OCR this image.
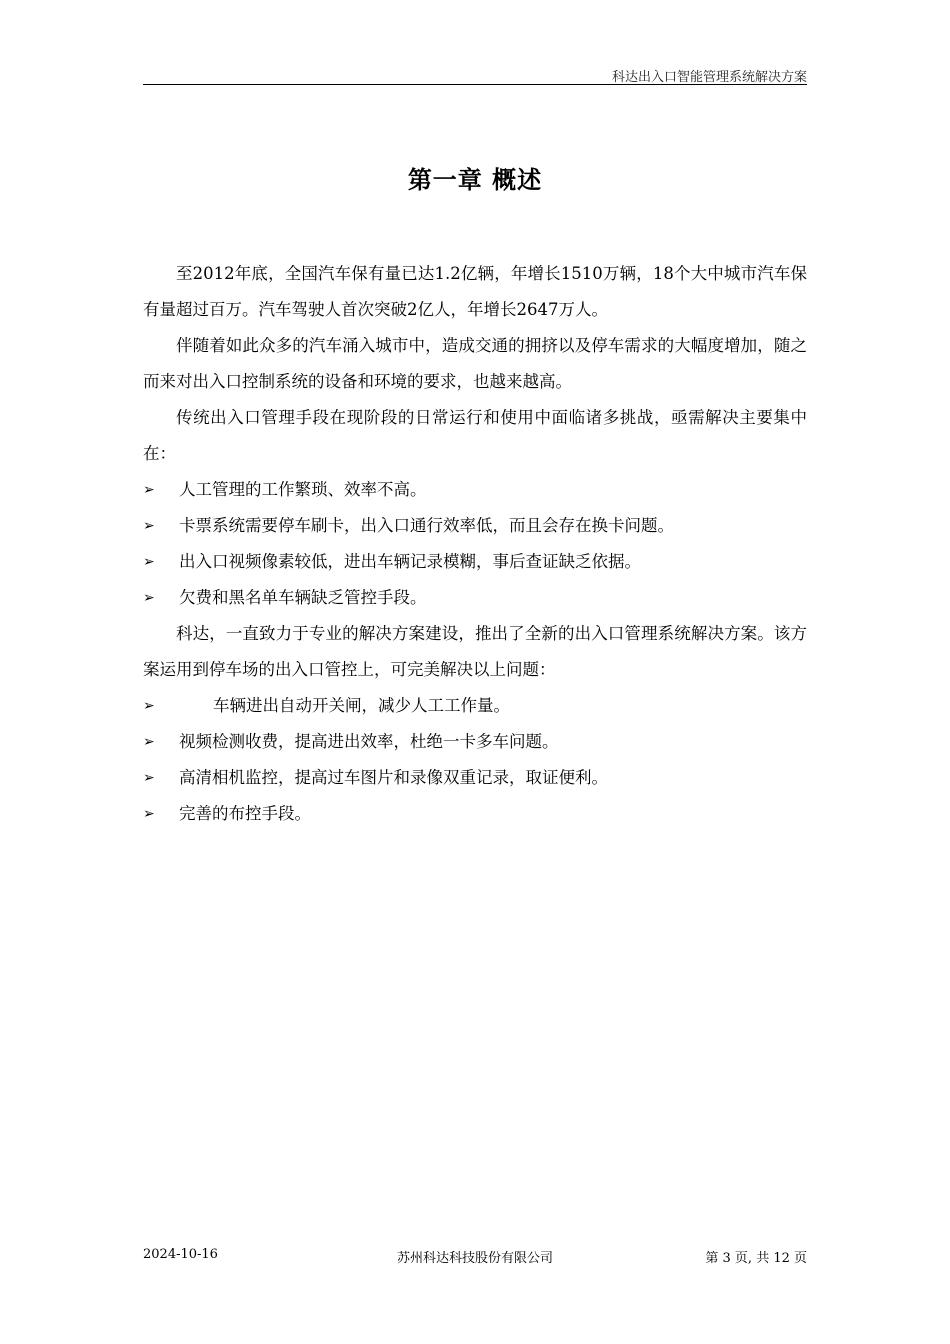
科达出入口智能管理系统解决方案
第一章 概述

至2012年底，全国汽车保有量已达1.2亿辆，年增长1510万辆，18个大中城市汽车保有量超过百万。汽车驾驶人首次突破2亿人，年增长2647万人。

伴随着如此众多的汽车涌入城市中，造成交通的拥挤以及停车需求的大幅度增加，随之而来对出入口控制系统的设备和环境的要求，也越来越高。

传统出入口管理手段在现阶段的日常运行和使用中面临诸多挑战，亟需解决主要集中在：

➢	人工管理的工作繁琐、效率不高。
➢	卡票系统需要停车刷卡，出入口通行效率低，而且会存在换卡问题。
➢	出入口视频像素较低，进出车辆记录模糊，事后查证缺乏依据。
➢	欠费和黑名单车辆缺乏管控手段。

科达，一直致力于专业的解决方案建设，推出了全新的出入口管理系统解决方案。该方案运用到停车场的出入口管控上，可完美解决以上问题：

➢	车辆进出自动开关闸，减少人工工作量。
➢	视频检测收费，提高进出效率，杜绝一卡多车问题。
➢	高清相机监控，提高过车图片和录像双重记录，取证便利。
➢	完善的布控手段。
2024-10-16	苏州科达科技股份有限公司	第 3 页, 共 12 页
